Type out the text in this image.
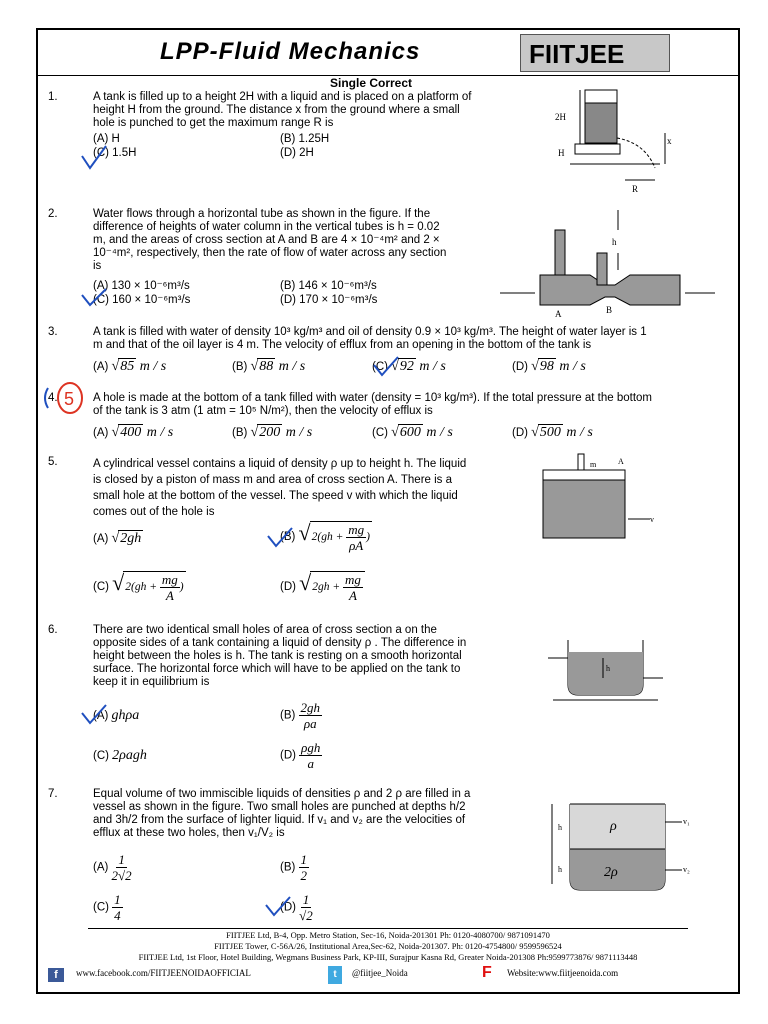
LPP-Fluid Mechanics	FIITJEE
Single Correct
1.	A tank is filled up to a height 2H with a liquid and is placed on a platform of
height H from the ground. The distance x from the ground where a small
hole is punched to get the maximum range R is
(A) H	(B) 1.25H
(C) 1.5H	(D) 2H
2H
H
x
R
2.	Water flows through a horizontal tube as shown in the figure. If the
difference of heights of water column in the vertical tubes is h = 0.02
m, and the areas of cross section at A and B are 4 × 10⁻⁴m² and 2 ×
10⁻⁴m², respectively, then the rate of flow of water across any section
is
(A) 130 × 10⁻⁶m³/s	(B) 146 × 10⁻⁶m³/s
(C) 160 × 10⁻⁶m³/s	(D) 170 × 10⁻⁶m³/s
h
A	B
3.	A tank is filled with water of density 10³ kg/m³ and oil of density 0.9 × 10³ kg/m³. The height of water layer is 1
m and that of the oil layer is 4 m. The velocity of efflux from an opening in the bottom of the tank is
(A) √85 m / s	(B) √88 m / s	(C) √92 m / s	(D) √98 m / s
4. 5 A hole is made at the bottom of a tank filled with water (density = 10³ kg/m³). If the total pressure at the bottom
of the tank is 3 atm (1 atm = 10⁵ N/m²), then the velocity of efflux is
(A) √400 m / s	(B) √200 m / s	(C) √600 m / s	(D) √500 m / s
5.	A cylindrical vessel contains a liquid of density ρ up to height h. The liquid
is closed by a piston of mass m and area of cross section A. There is a
small hole at the bottom of the vessel. The speed v with which the liquid
comes out of the hole is
(A) √2gh	(B) $√2(gh + \frac{mg}{\rho A}$ )
(C) $√2(gh + \frac{mg}{A}$ )	(D) $√2gh + \frac{mg}{A}$
m	A
v
6.	There are two identical small holes of area of cross section a on the
opposite sides of a tank containing a liquid of density ρ . The difference in
height between the holes is h. The tank is resting on a smooth horizontal
surface. The horizontal force which will have to be applied on the tank to
keep it in equilibrium is
(A) ghρa	$(B) \frac{2gh}{\rho a}$
(C) 2ρagh	$(D) \frac{\text{ρgh}}{a}$
h
7.	Equal volume of two immiscible liquids of densities ρ and 2 ρ are filled in a
vessel as shown in the figure. Two small holes are punched at depths h/2
and 3h/2 from the surface of lighter liquid. If v₁ and v₂ are the velocities of
efflux at these two holes, then v₁/V₂ is
$(A) \frac{1}{2√2}$	$(B) \frac{1}{2}$
$(C) \frac{1}{4}$	$(D) \frac{1}{√2}$
ρ
2ρ
h
h
v₁
v₂
FIITJEE Ltd, B-4, Opp. Metro Station, Sec-16, Noida-201301 Ph: 0120-4080700/ 9871091470
FIITJEE Tower, C-56A/26, Institutional Area,Sec-62, Noida-201307. Ph: 0120-4754800/ 9599596524
FIITJEE Ltd, 1st Floor, Hotel Building, Wegmans Business Park, KP-III, Surajpur Kasna Rd, Greater Noida-201308 Ph:9599773876/ 9871113448
f	www.facebook.com/FIITJEENOIDAOFFICIAL	t	@fiitjee_Noida	F Website:www.fiitjeenoida.com
